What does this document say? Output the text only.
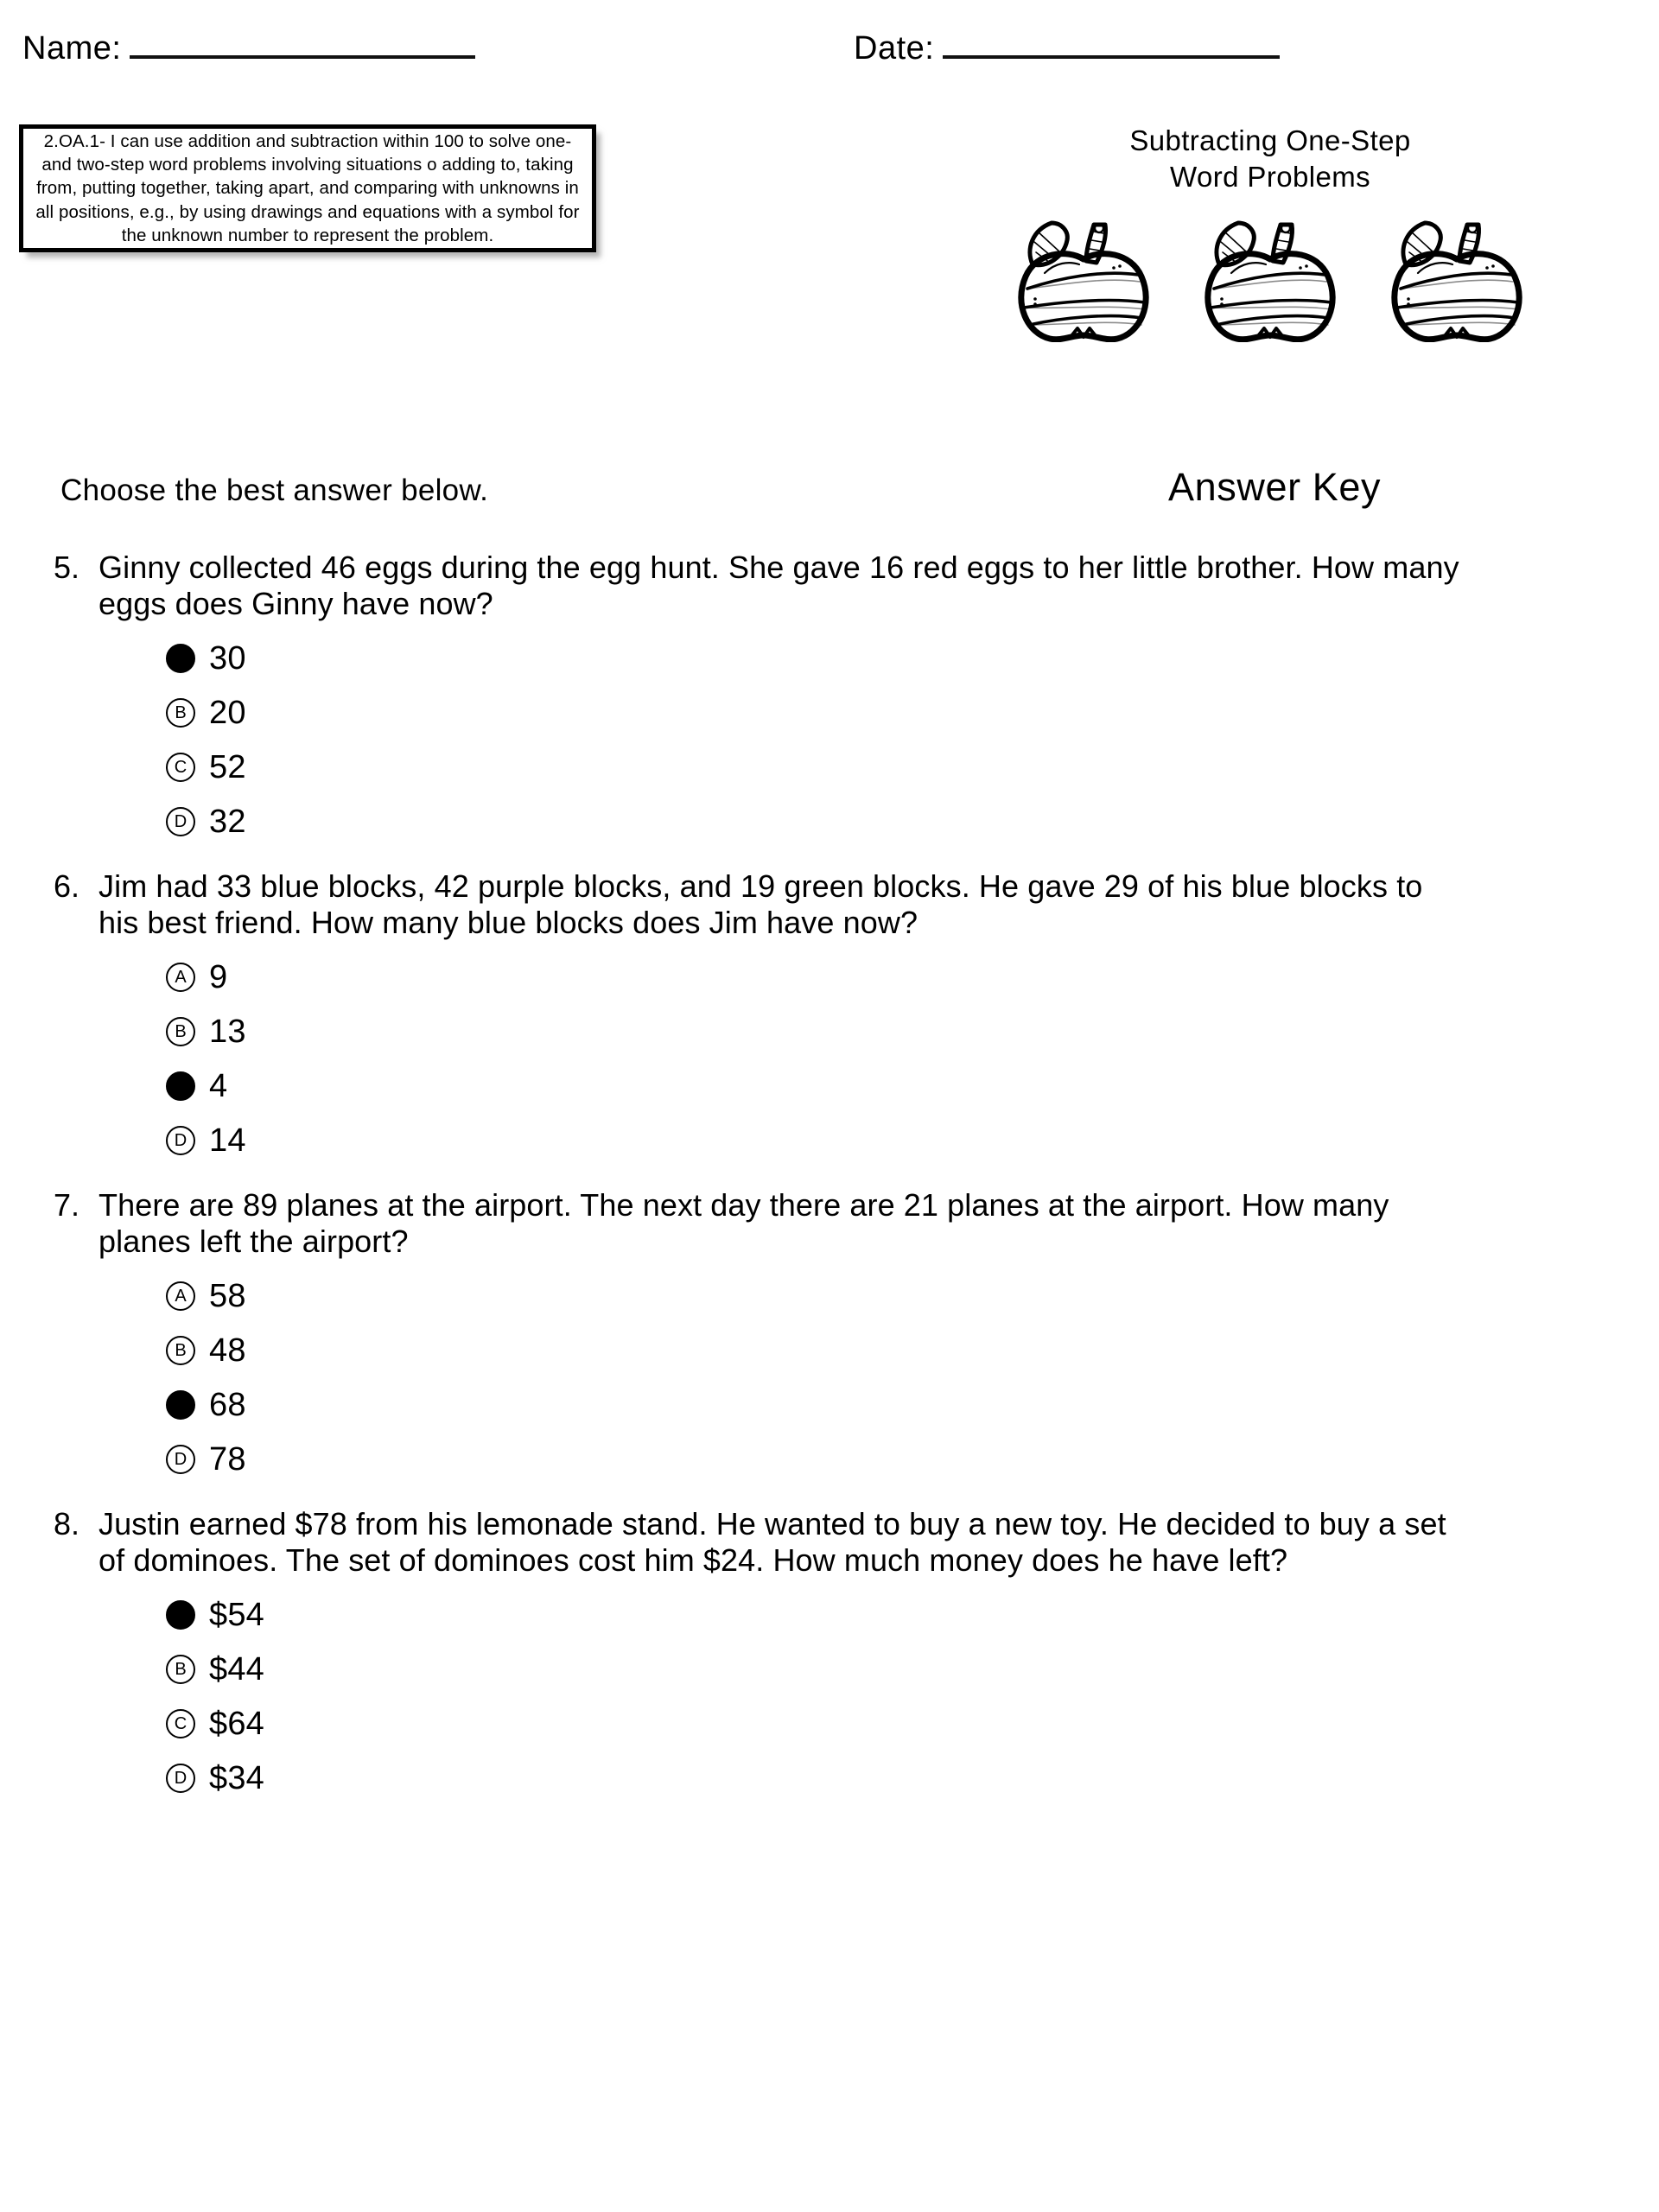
Name:	Date:
2.OA.1- I can use addition and subtraction within 100 to solve one- and two-step word problems involving situations o adding to, taking from, putting together, taking apart, and comparing with unknowns in all positions, e.g., by using drawings and equations with a symbol for the unknown number to represent the problem.
Subtracting One-Step
Word Problems
Choose the best answer below.	Answer Key
5. Ginny collected 46 eggs during the egg hunt. She gave 16 red eggs to her little brother. How many eggs does Ginny have now?
30
B 20
C 52
D 32
6. Jim had 33 blue blocks, 42 purple blocks, and 19 green blocks. He gave 29 of his blue blocks to his best friend. How many blue blocks does Jim have now?
A 9
B 13
4
D 14
7. There are 89 planes at the airport. The next day there are 21 planes at the airport. How many planes left the airport?
A 58
B 48
68
D 78
8. Justin earned $78 from his lemonade stand. He wanted to buy a new toy. He decided to buy a set of dominoes. The set of dominoes cost him $24. How much money does he have left?
$54
B $44
C $64
D $34
